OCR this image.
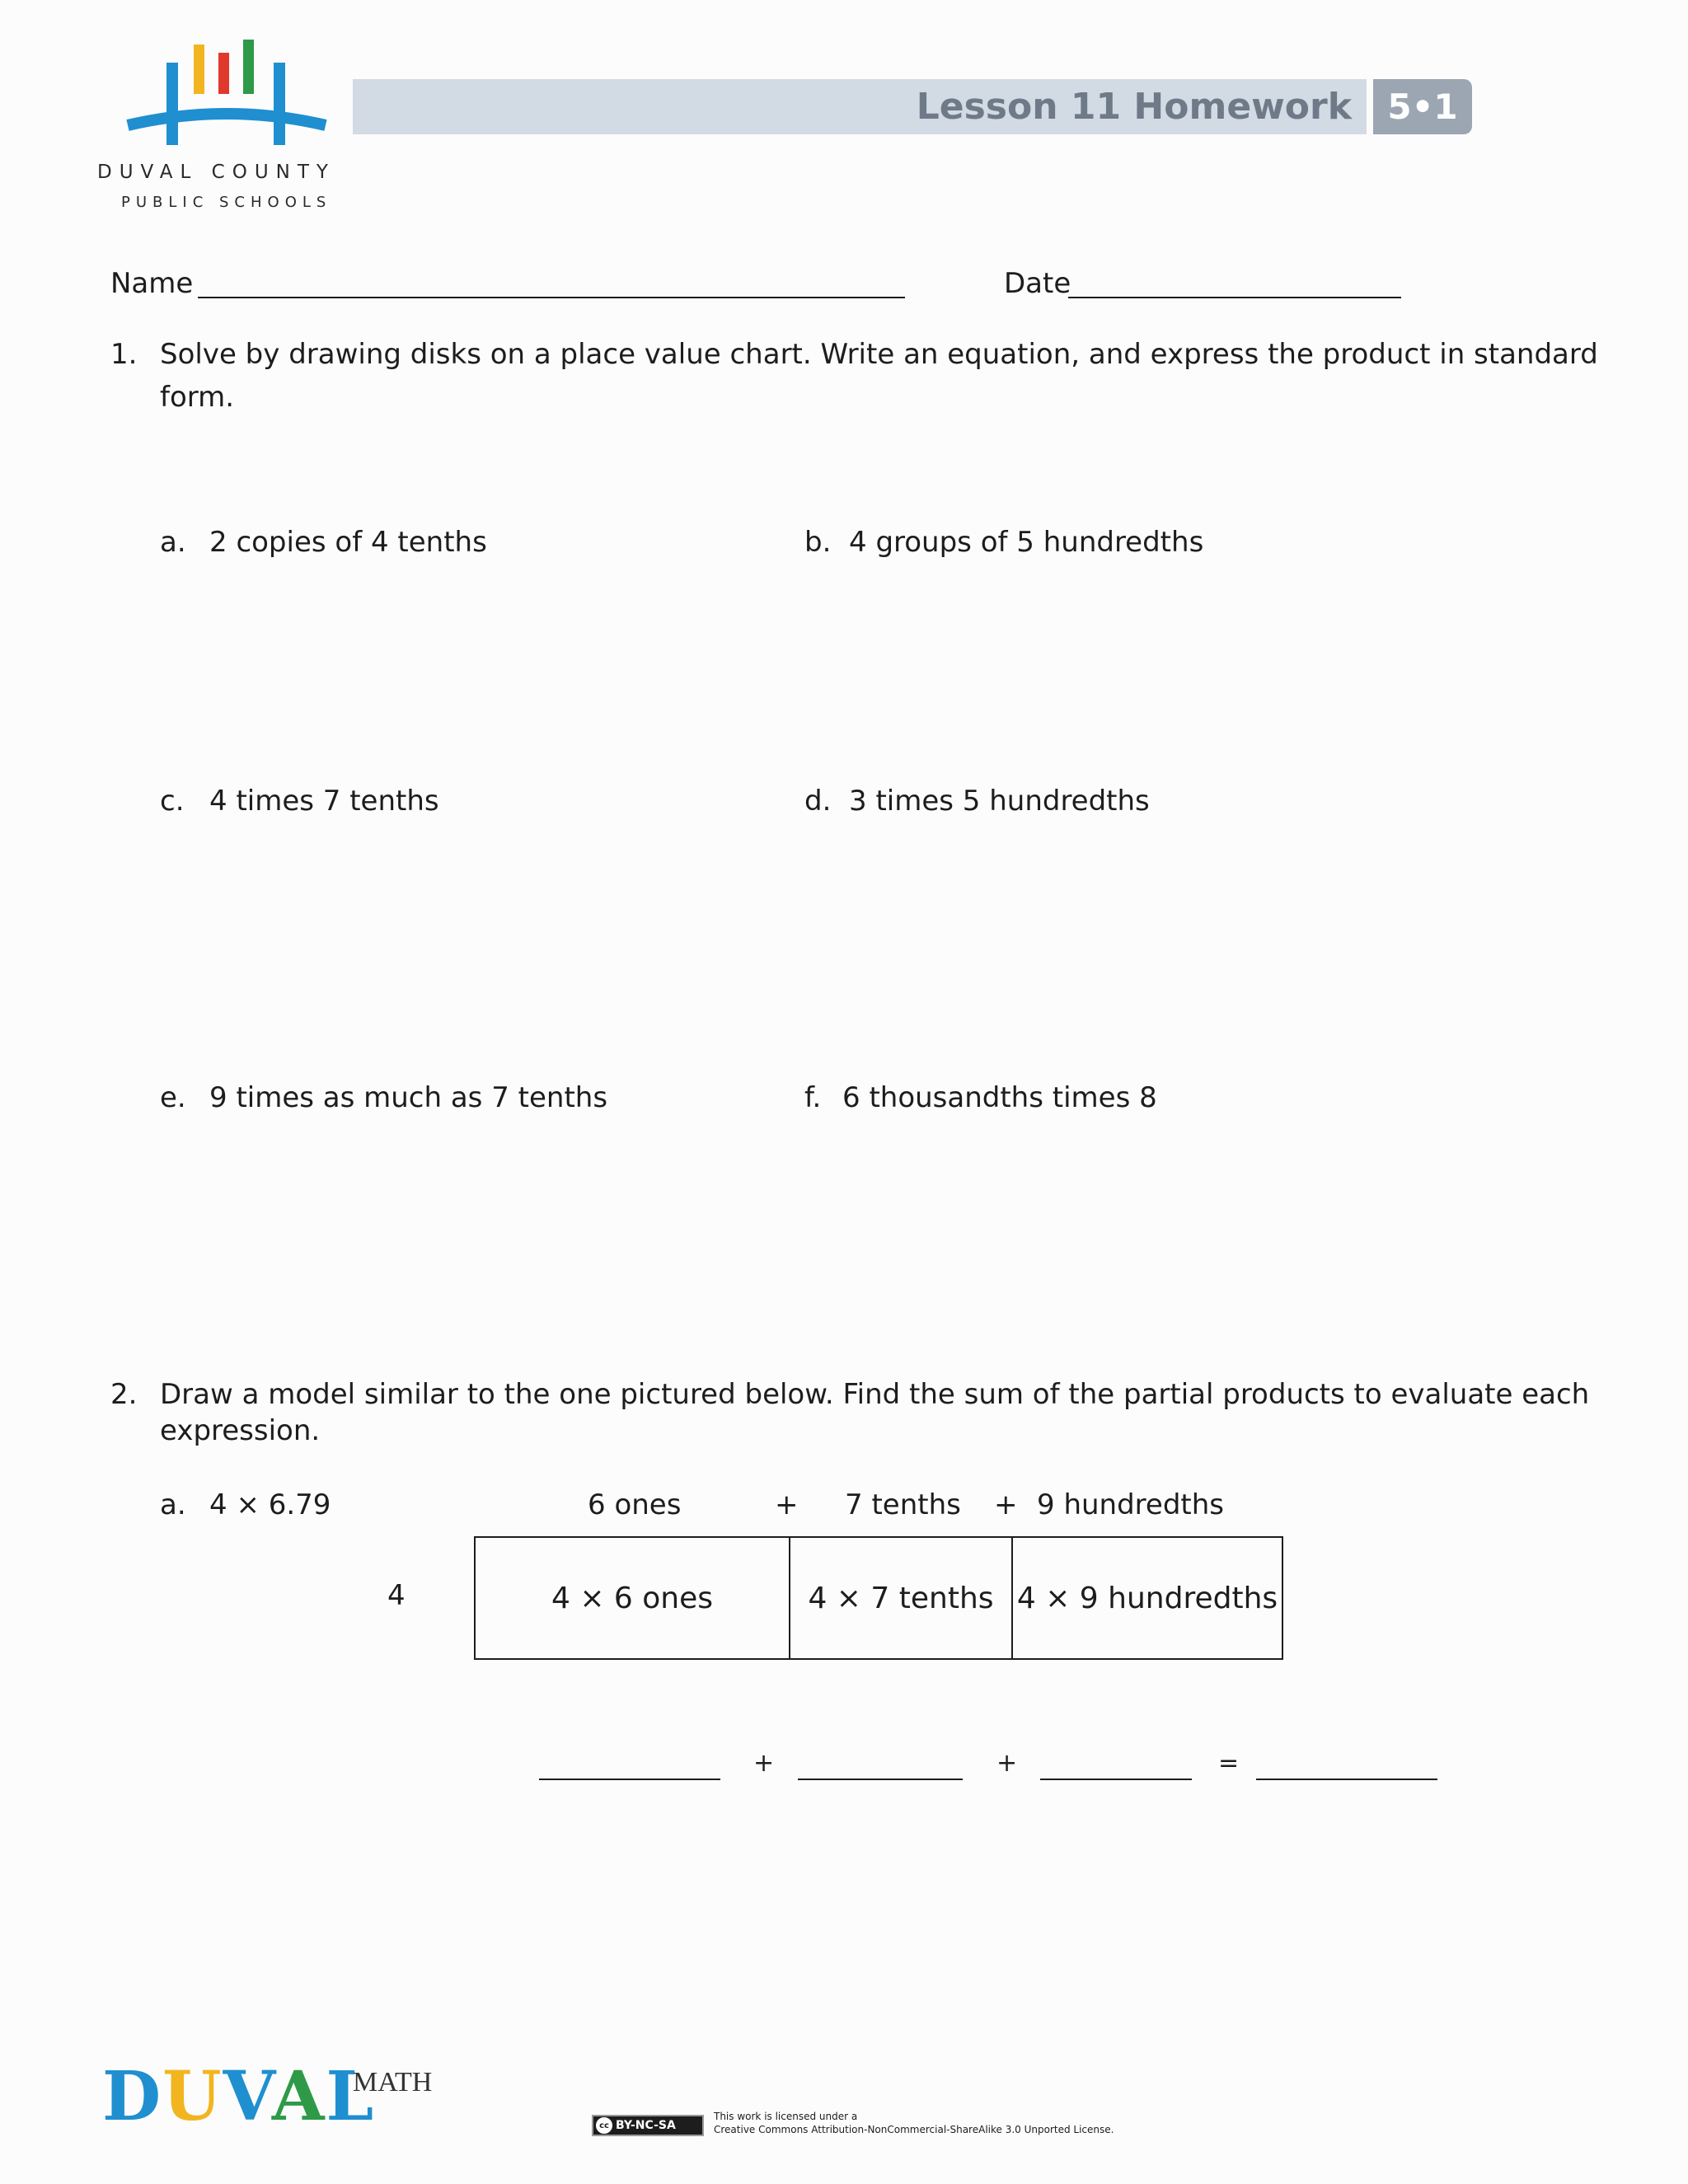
DUVAL COUNTY
PUBLIC SCHOOLS
Lesson 11 Homework	5•1
Name	Date
1. Solve by drawing disks on a place value chart. Write an equation, and express the product in standard
form.
a. 2 copies of 4 tenths	b. 4 groups of 5 hundredths
c. 4 times 7 tenths	d. 3 times 5 hundredths
e. 9 times as much as 7 tenths	f. 6 thousandths times 8
2. Draw a model similar to the one pictured below. Find the sum of the partial products to evaluate each
expression.
a. 4 × 6.79	6 ones	+ 7 tenths + 9 hundredths
4	4 × 6 ones	4 × 7 tenths 4 × 9 hundredths
+	+	=
DUVAL
MATH
cc BY-NC-SA
This work is licensed under a
Creative Commons Attribution-NonCommercial-ShareAlike 3.0 Unported License.
